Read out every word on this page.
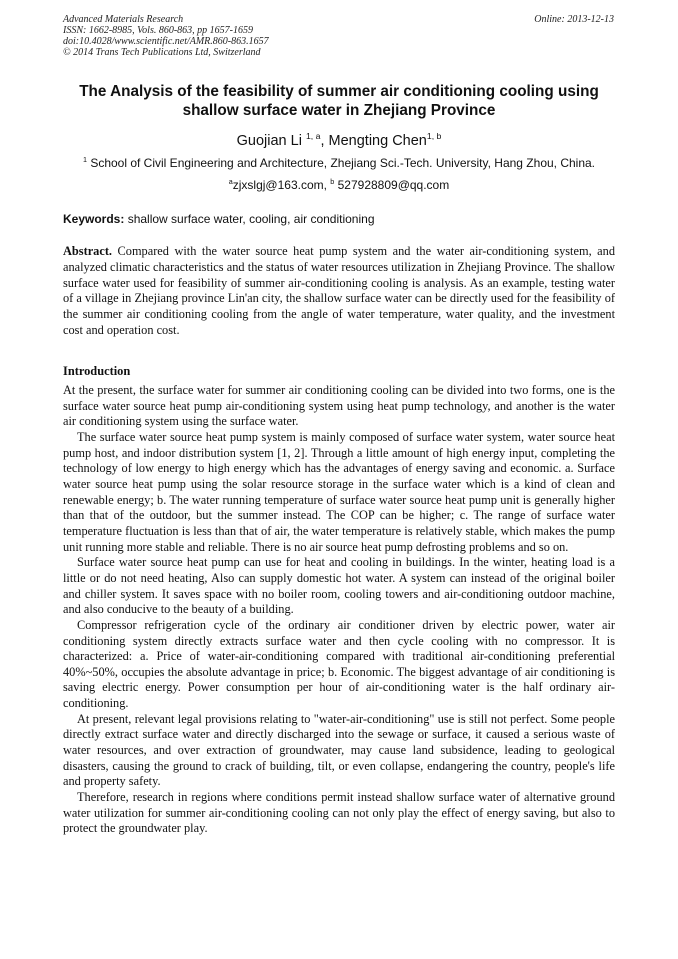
Advanced Materials Research
ISSN: 1662-8985, Vols. 860-863, pp 1657-1659
doi:10.4028/www.scientific.net/AMR.860-863.1657
© 2014 Trans Tech Publications Ltd, Switzerland
Online: 2013-12-13
The Analysis of the feasibility of summer air conditioning cooling using shallow surface water in Zhejiang Province
Guojian Li $^{1, a}$, Mengting Chen$^{1, b}$
$^1$ School of Civil Engineering and Architecture, Zhejiang Sci.-Tech. University, Hang Zhou, China.
$^a$zjxslgj@163.com, $^b$ 527928809@qq.com
Keywords: shallow surface water, cooling, air conditioning
Abstract. Compared with the water source heat pump system and the water air-conditioning system, and analyzed climatic characteristics and the status of water resources utilization in Zhejiang Province. The shallow surface water used for feasibility of summer air-conditioning cooling is analysis. As an example, testing water of a village in Zhejiang province Lin'an city, the shallow surface water can be directly used for the feasibility of the summer air conditioning cooling from the angle of water temperature, water quality, and the investment cost and operation cost.
Introduction

At the present, the surface water for summer air conditioning cooling can be divided into two forms, one is the surface water source heat pump air-conditioning system using heat pump technology, and another is the water air conditioning system using the surface water.

The surface water source heat pump system is mainly composed of surface water system, water source heat pump host, and indoor distribution system [1, 2]. Through a little amount of high energy input, completing the technology of low energy to high energy which has the advantages of energy saving and economic. a. Surface water source heat pump using the solar resource storage in the surface water which is a kind of clean and renewable energy; b. The water running temperature of surface water source heat pump unit is generally higher than that of the outdoor, but the summer instead. The COP can be higher; c. The range of surface water temperature fluctuation is less than that of air, the water temperature is relatively stable, which makes the pump unit running more stable and reliable. There is no air source heat pump defrosting problems and so on.

Surface water source heat pump can use for heat and cooling in buildings. In the winter, heating load is a little or do not need heating, Also can supply domestic hot water. A system can instead of the original boiler and chiller system. It saves space with no boiler room, cooling towers and air-conditioning outdoor machine, and also conducive to the beauty of a building.

Compressor refrigeration cycle of the ordinary air conditioner driven by electric power, water air conditioning system directly extracts surface water and then cycle cooling with no compressor. It is characterized: a. Price of water-air-conditioning compared with traditional air-conditioning preferential 40%~50%, occupies the absolute advantage in price; b. Economic. The biggest advantage of air conditioning is saving electric energy. Power consumption per hour of air-conditioning water is the half ordinary air-conditioning.

At present, relevant legal provisions relating to "water-air-conditioning" use is still not perfect. Some people directly extract surface water and directly discharged into the sewage or surface, it caused a serious waste of water resources, and over extraction of groundwater, may cause land subsidence, leading to geological disasters, causing the ground to crack of building, tilt, or even collapse, endangering the country, people's life and property safety.

Therefore, research in regions where conditions permit instead shallow surface water of alternative ground water utilization for summer air-conditioning cooling can not only play the effect of energy saving, but also to protect the groundwater play.
